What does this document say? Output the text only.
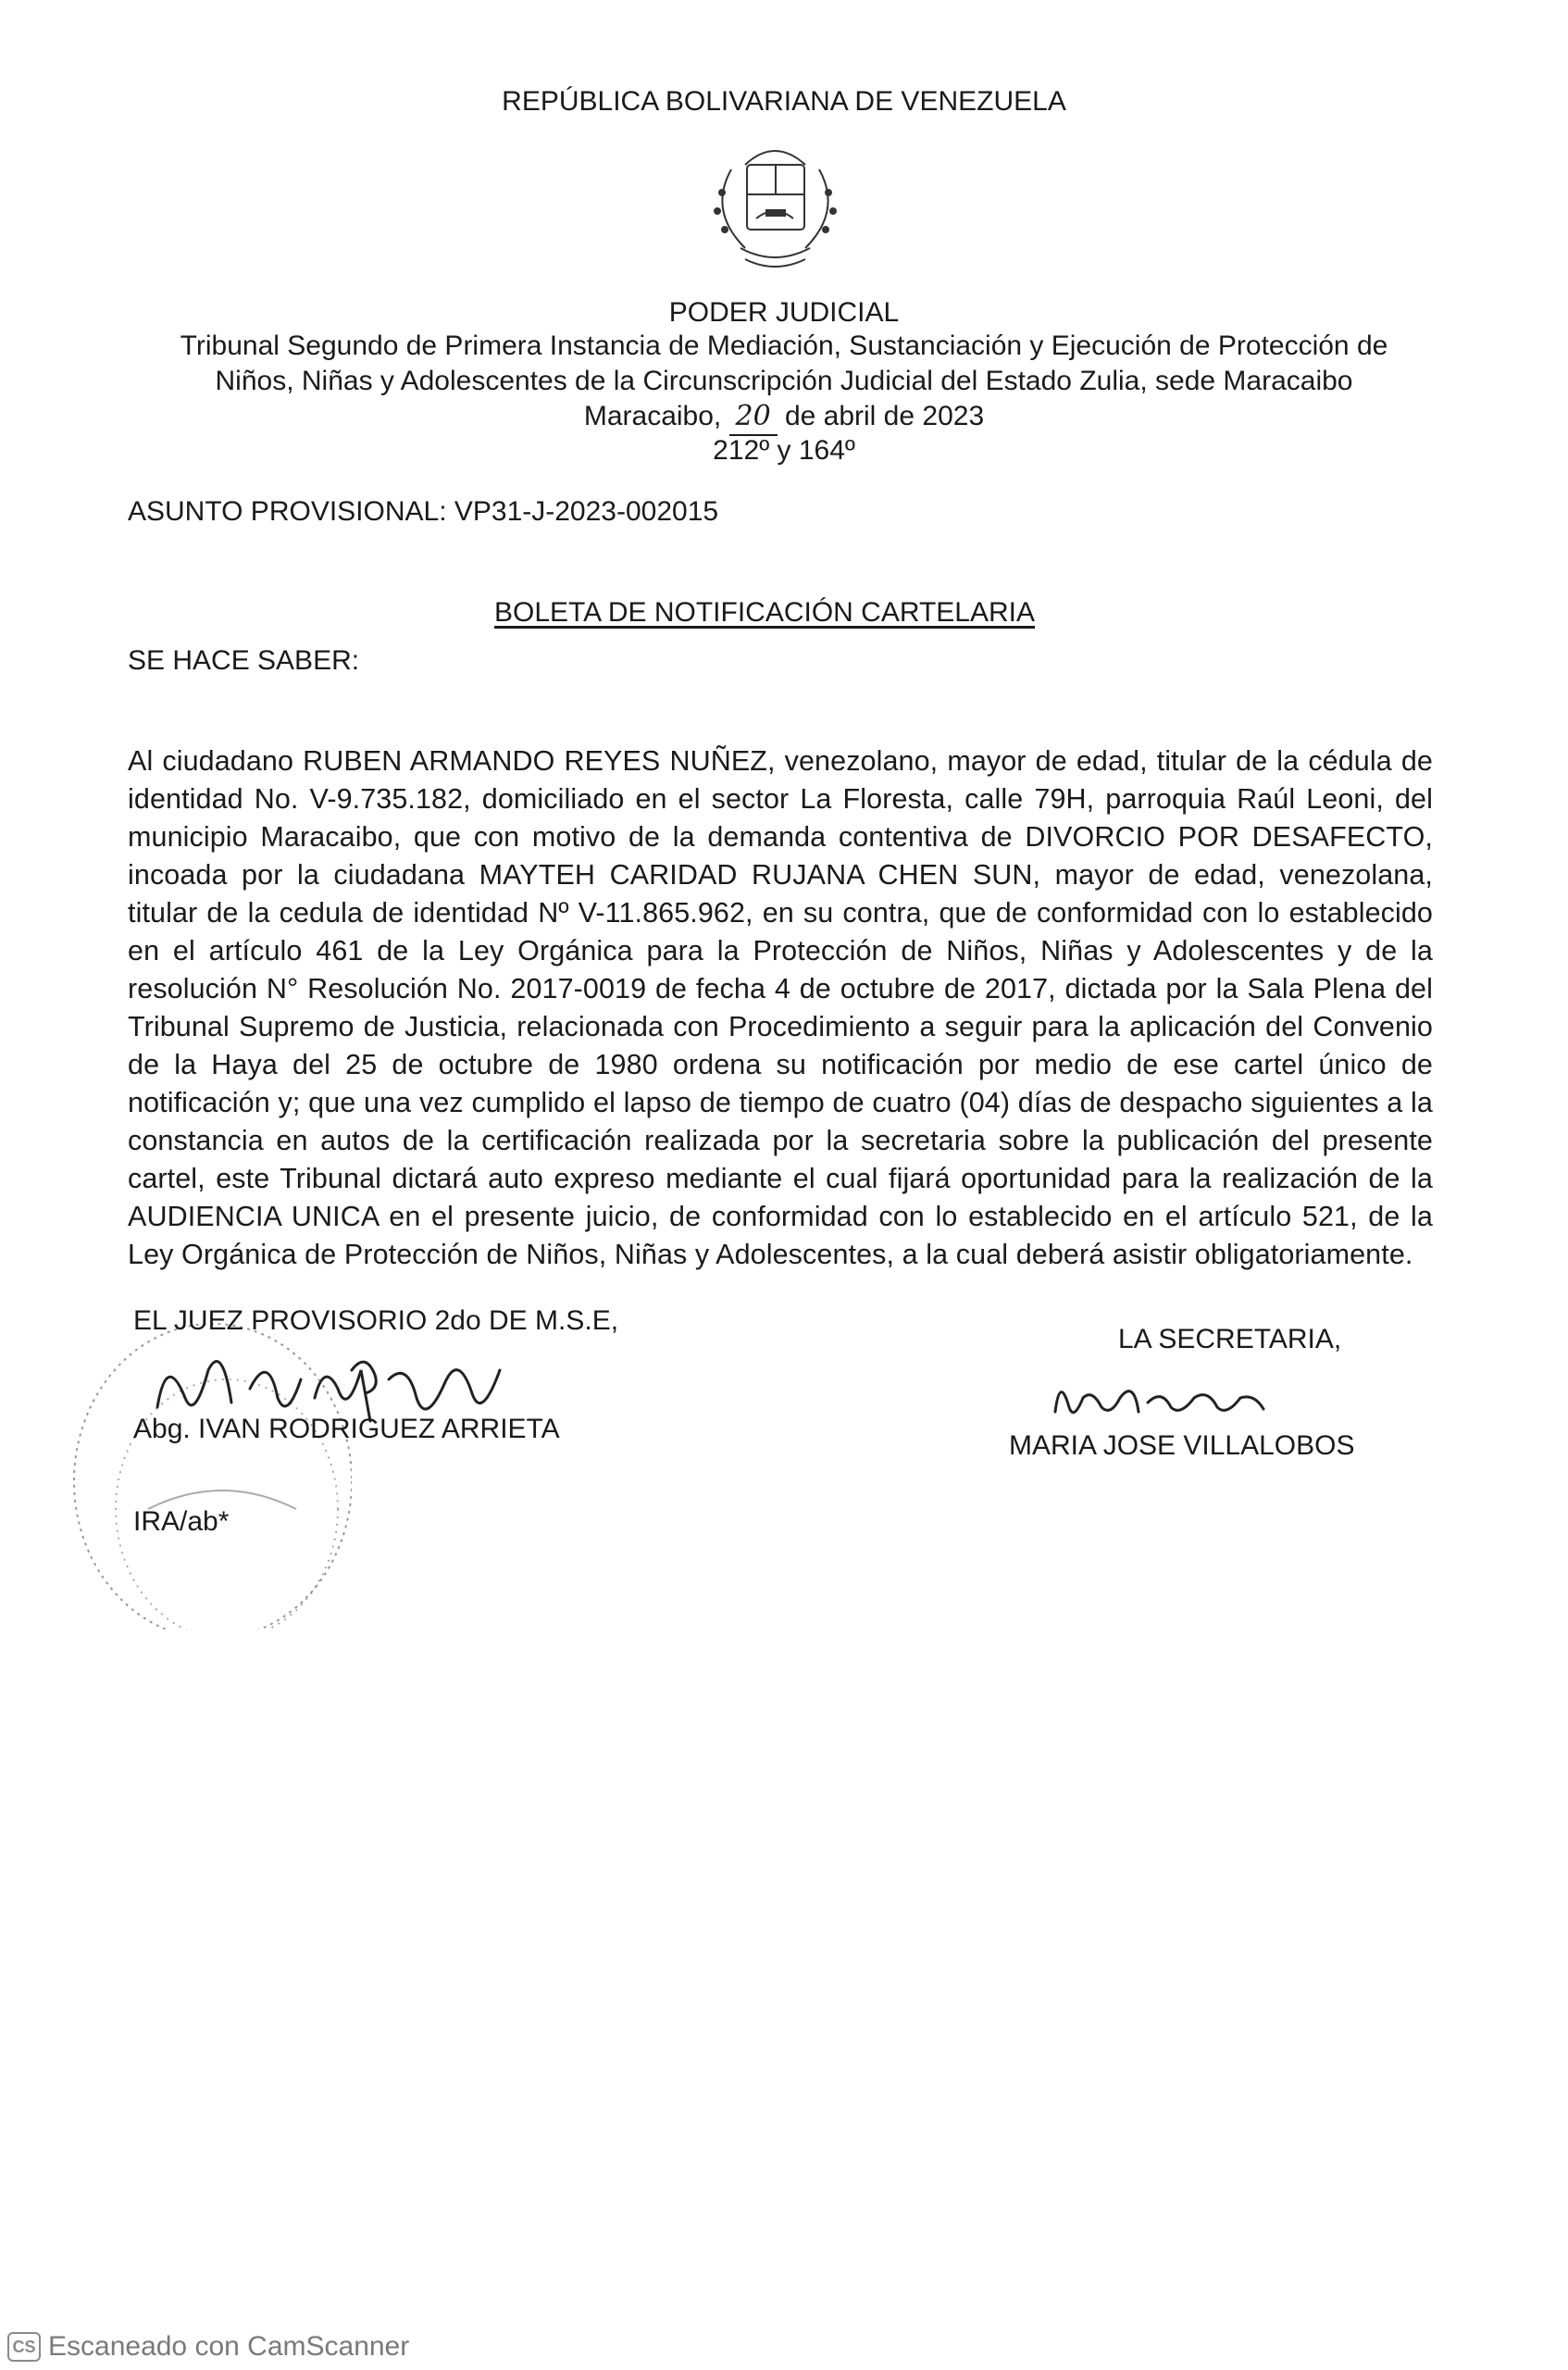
REPÚBLICA BOLIVARIANA DE VENEZUELA
PODER JUDICIAL
Tribunal Segundo de Primera Instancia de Mediación, Sustanciación y Ejecución de Protección de
Niños, Niñas y Adolescentes de la Circunscripción Judicial del Estado Zulia, sede Maracaibo
Maracaibo, 20 de abril de 2023
212º y 164º
ASUNTO PROVISIONAL: VP31-J-2023-002015
BOLETA DE NOTIFICACIÓN CARTELARIA
SE HACE SABER:
Al ciudadano RUBEN ARMANDO REYES NUÑEZ, venezolano, mayor de edad, titular de la cédula de identidad No. V-9.735.182, domiciliado en el sector La Floresta, calle 79H, parroquia Raúl Leoni, del municipio Maracaibo, que con motivo de la demanda contentiva de DIVORCIO POR DESAFECTO, incoada por la ciudadana MAYTEH CARIDAD RUJANA CHEN SUN, mayor de edad, venezolana, titular de la cedula de identidad Nº V-11.865.962, en su contra, que de conformidad con lo establecido en el artículo 461 de la Ley Orgánica para la Protección de Niños, Niñas y Adolescentes y de la resolución N° Resolución No. 2017-0019 de fecha 4 de octubre de 2017, dictada por la Sala Plena del Tribunal Supremo de Justicia, relacionada con Procedimiento a seguir para la aplicación del Convenio de la Haya del 25 de octubre de 1980 ordena su notificación por medio de ese cartel único de notificación y; que una vez cumplido el lapso de tiempo de cuatro (04) días de despacho siguientes a la constancia en autos de la certificación realizada por la secretaria sobre la publicación del presente cartel, este Tribunal dictará auto expreso mediante el cual fijará oportunidad para la realización de la AUDIENCIA UNICA en el presente juicio, de conformidad con lo establecido en el artículo 521, de la Ley Orgánica de Protección de Niños, Niñas y Adolescentes, a la cual deberá asistir obligatoriamente.
EL JUEZ PROVISORIO 2do DE M.S.E,
Abg. IVAN RODRIGUEZ ARRIETA
IRA/ab*
LA SECRETARIA,
MARIA JOSE VILLALOBOS
CS Escaneado con CamScanner
